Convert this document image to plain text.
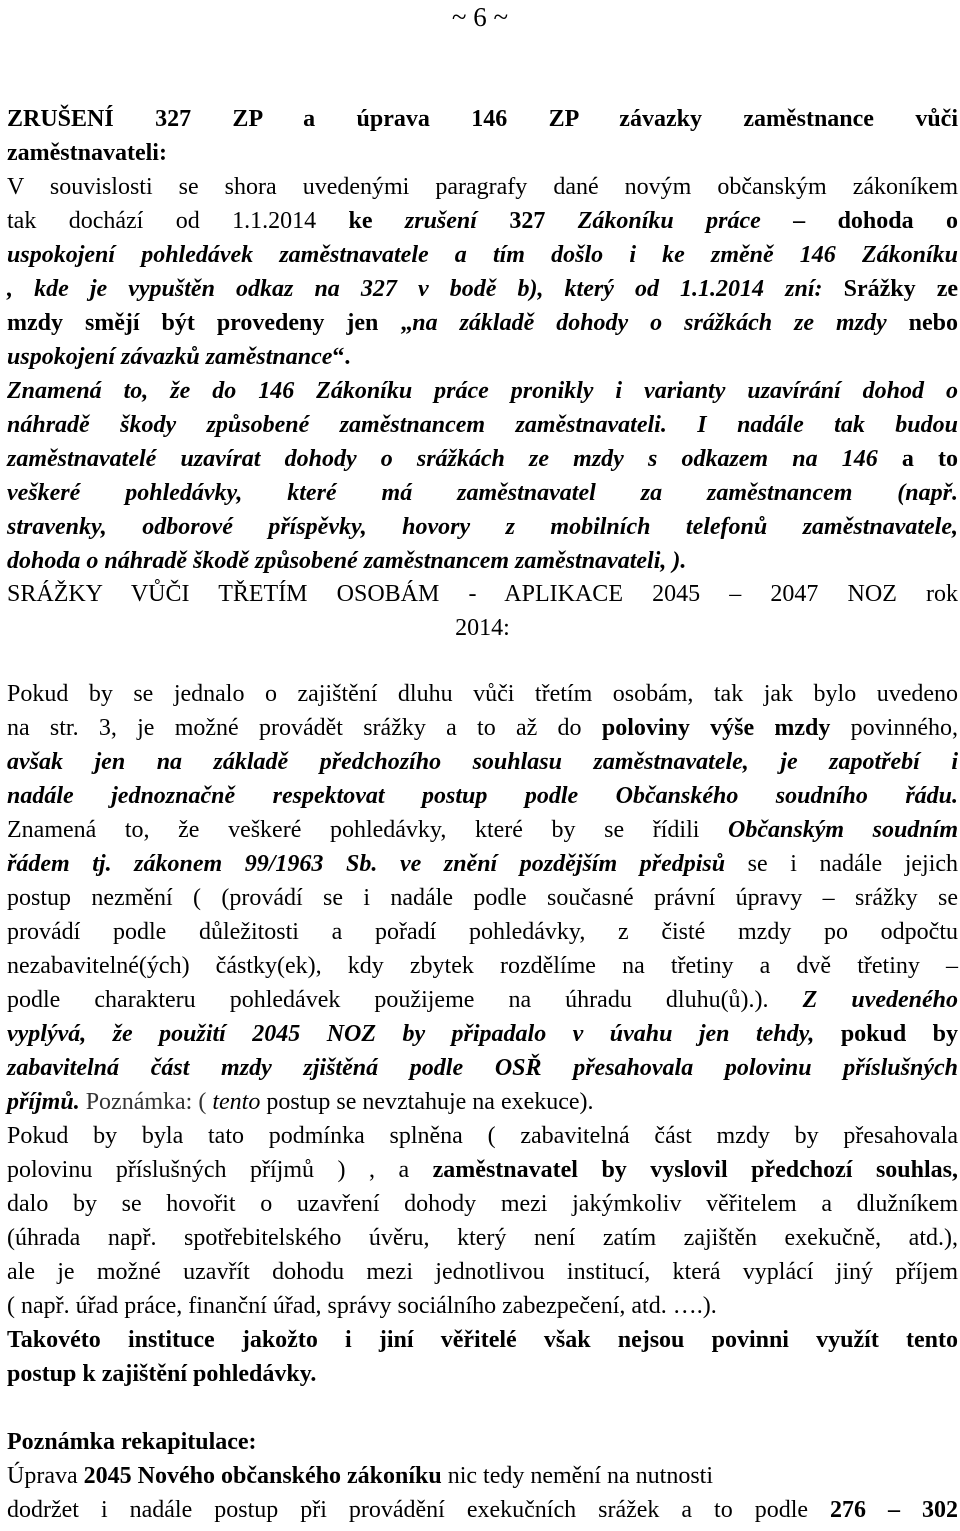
~ 6 ~
ZRUŠENÍ 327 ZP a úprava 146 ZP závazky zaměstnance vůči
zaměstnavateli:
V souvislosti se shora uvedenými paragrafy dané novým občanským zákoníkem
tak dochází od 1.1.2014 ke zrušení 327 Zákoníku práce – dohoda o
uspokojení pohledávek zaměstnavatele a tím došlo i ke změně 146 Zákoníku
, kde je vypuštěn odkaz na 327 v bodě b), který od 1.1.2014 zní: Srážky ze
mzdy smějí být provedeny jen „na základě dohody o srážkách ze mzdy nebo
uspokojení závazků zaměstnance“.
Znamená to, že do 146 Zákoníku práce pronikly i varianty uzavírání dohod o
náhradě škody způsobené zaměstnancem zaměstnavateli. I nadále tak budou
zaměstnavatelé uzavírat dohody o srážkách ze mzdy s odkazem na 146 a to
veškeré pohledávky, které má zaměstnavatel za zaměstnancem (např.
stravenky, odborové příspěvky, hovory z mobilních telefonů zaměstnavatele,
dohoda o náhradě škodě způsobené zaměstnancem zaměstnavateli, ).
SRÁŽKY VŮČI TŘETÍM OSOBÁM - APLIKACE 2045 – 2047 NOZ rok
2014:
Pokud by se jednalo o zajištění dluhu vůči třetím osobám, tak jak bylo uvedeno
na str. 3, je možné provádět srážky a to až do poloviny výše mzdy povinného,
avšak jen na základě předchozího souhlasu zaměstnavatele, je zapotřebí i
nadále jednoznačně respektovat postup podle Občanského soudního řádu.
Znamená to, že veškeré pohledávky, které by se řídili Občanským soudním
řádem tj. zákonem 99/1963 Sb. ve znění pozdějším předpisů se i nadále jejich
postup nezmění ( (provádí se i nadále podle současné právní úpravy – srážky se
provádí podle důležitosti a pořadí pohledávky, z čisté mzdy po odpočtu
nezabavitelné(ých) částky(ek), kdy zbytek rozdělíme na třetiny a dvě třetiny –
podle charakteru pohledávek použijeme na úhradu dluhu(ů).). Z uvedeného
vyplývá, že použití 2045 NOZ by připadalo v úvahu jen tehdy, pokud by
zabavitelná část mzdy zjištěná podle OSŘ přesahovala polovinu příslušných
příjmů. Poznámka: ( tento postup se nevztahuje na exekuce).
Pokud by byla tato podmínka splněna ( zabavitelná část mzdy by přesahovala
polovinu příslušných příjmů ) , a zaměstnavatel by vyslovil předchozí souhlas,
dalo by se hovořit o uzavření dohody mezi jakýmkoliv věřitelem a dlužníkem
(úhrada např. spotřebitelského úvěru, který není zatím zajištěn exekučně, atd.),
ale je možné uzavřít dohodu mezi jednotlivou institucí, která vyplácí jiný příjem
( např. úřad práce, finanční úřad, správy sociálního zabezpečení, atd. ….).
Takovéto instituce jakožto i jiní věřitelé však nejsou povinni využít tento
postup k zajištění pohledávky.
Poznámka rekapitulace:
Úprava 2045 Nového občanského zákoníku nic tedy nemění na nutnosti
dodržet i nadále postup při provádění exekučních srážek a to podle 276 – 302
